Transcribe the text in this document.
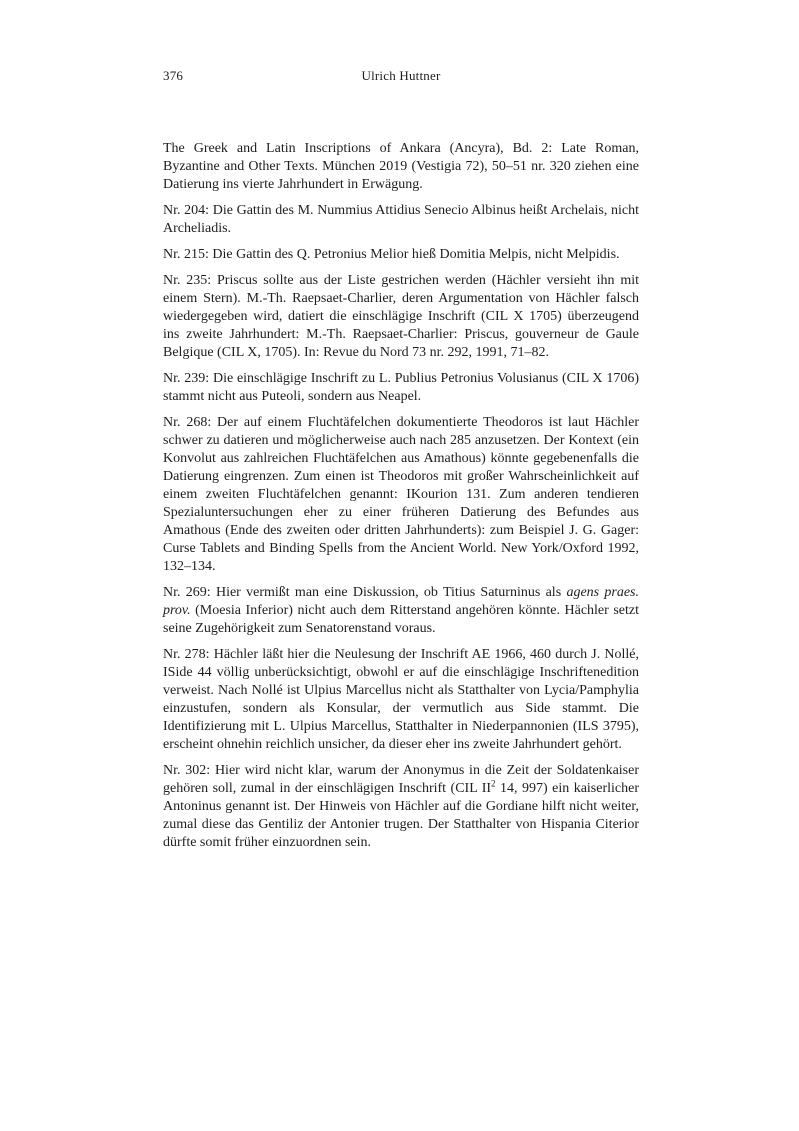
376	Ulrich Huttner

The Greek and Latin Inscriptions of Ankara (Ancyra), Bd. 2: Late Roman, Byzantine and Other Texts. München 2019 (Vestigia 72), 50–51 nr. 320 ziehen eine Datierung ins vierte Jahrhundert in Erwägung.

Nr. 204: Die Gattin des M. Nummius Attidius Senecio Albinus heißt Archelais, nicht Archeliadis.

Nr. 215: Die Gattin des Q. Petronius Melior hieß Domitia Melpis, nicht Melpidis.

Nr. 235: Priscus sollte aus der Liste gestrichen werden (Hächler versieht ihn mit einem Stern). M.-Th. Raepsaet-Charlier, deren Argumentation von Hächler falsch wiedergegeben wird, datiert die einschlägige Inschrift (CIL X 1705) überzeugend ins zweite Jahrhundert: M.-Th. Raepsaet-Charlier: Priscus, gouverneur de Gaule Belgique (CIL X, 1705). In: Revue du Nord 73 nr. 292, 1991, 71–82.

Nr. 239: Die einschlägige Inschrift zu L. Publius Petronius Volusianus (CIL X 1706) stammt nicht aus Puteoli, sondern aus Neapel.

Nr. 268: Der auf einem Fluchtäfelchen dokumentierte Theodoros ist laut Hächler schwer zu datieren und möglicherweise auch nach 285 anzusetzen. Der Kontext (ein Konvolut aus zahlreichen Fluchtäfelchen aus Amathous) könnte gegebenenfalls die Datierung eingrenzen. Zum einen ist Theodoros mit großer Wahrscheinlichkeit auf einem zweiten Fluchtäfelchen genannt: IKourion 131. Zum anderen tendieren Spezialuntersuchungen eher zu einer früheren Datierung des Befundes aus Amathous (Ende des zweiten oder dritten Jahrhunderts): zum Beispiel J. G. Gager: Curse Tablets and Binding Spells from the Ancient World. New York/Oxford 1992, 132–134.

Nr. 269: Hier vermißt man eine Diskussion, ob Titius Saturninus als agens praes. prov. (Moesia Inferior) nicht auch dem Ritterstand angehören könnte. Hächler setzt seine Zugehörigkeit zum Senatorenstand voraus.

Nr. 278: Hächler läßt hier die Neulesung der Inschrift AE 1966, 460 durch J. Nollé, ISide 44 völlig unberücksichtigt, obwohl er auf die einschlägige Inschriftenedition verweist. Nach Nollé ist Ulpius Marcellus nicht als Statthalter von Lycia/Pamphylia einzustufen, sondern als Konsular, der vermutlich aus Side stammt. Die Identifizierung mit L. Ulpius Marcellus, Statthalter in Niederpannonien (ILS 3795), erscheint ohnehin reichlich unsicher, da dieser eher ins zweite Jahrhundert gehört.

Nr. 302: Hier wird nicht klar, warum der Anonymus in die Zeit der Soldatenkaiser gehören soll, zumal in der einschlägigen Inschrift (CIL $II^2$ 14, 997) ein kaiserlicher Antoninus genannt ist. Der Hinweis von Hächler auf die Gordiane hilft nicht weiter, zumal diese das Gentiliz der Antonier trugen. Der Statthalter von Hispania Citerior dürfte somit früher einzuordnen sein.
